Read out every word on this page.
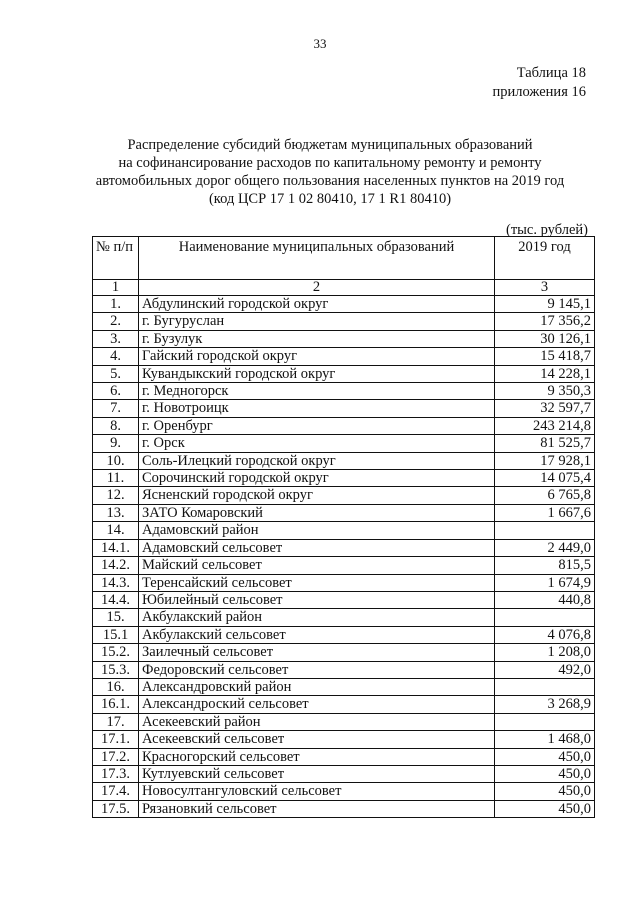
33
Таблица 18
приложения 16
Распределение субсидий бюджетам муниципальных образований
на софинансирование расходов по капитальному ремонту и ремонту
автомобильных дорог общего пользования населенных пунктов на 2019 год
(код ЦСР 17 1 02 80410, 17 1 R1 80410)
(тыс. рублей)
№ п/п	Наименование муниципальных образований	2019 год
1	2	3
1.	Абдулинский городской округ	9 145,1
2.	г. Бугуруслан	17 356,2
3.	г. Бузулук	30 126,1
4.	Гайский городской округ	15 418,7
5.	Кувандыкский городской округ	14 228,1
6.	г. Медногорск	9 350,3
7.	г. Новотроицк	32 597,7
8.	г. Оренбург	243 214,8
9.	г. Орск	81 525,7
10.	Соль-Илецкий городской округ	17 928,1
11.	Сорочинский городской округ	14 075,4
12.	Ясненский городской округ	6 765,8
13.	ЗАТО Комаровский	1 667,6
14.	Адамовский район	
14.1.	Адамовский сельсовет	2 449,0
14.2.	Майский сельсовет	815,5
14.3.	Теренсайский сельсовет	1 674,9
14.4.	Юбилейный сельсовет	440,8
15.	Акбулакский район	
15.1	Акбулакский сельсовет	4 076,8
15.2.	Заилечный сельсовет	1 208,0
15.3.	Федоровский сельсовет	492,0
16.	Александровский район	
16.1.	Александроский сельсовет	3 268,9
17.	Асекеевский район	
17.1.	Асекеевский сельсовет	1 468,0
17.2.	Красногорский сельсовет	450,0
17.3.	Кутлуевский сельсовет	450,0
17.4.	Новосултангуловский сельсовет	450,0
17.5.	Рязановкий сельсовет	450,0
